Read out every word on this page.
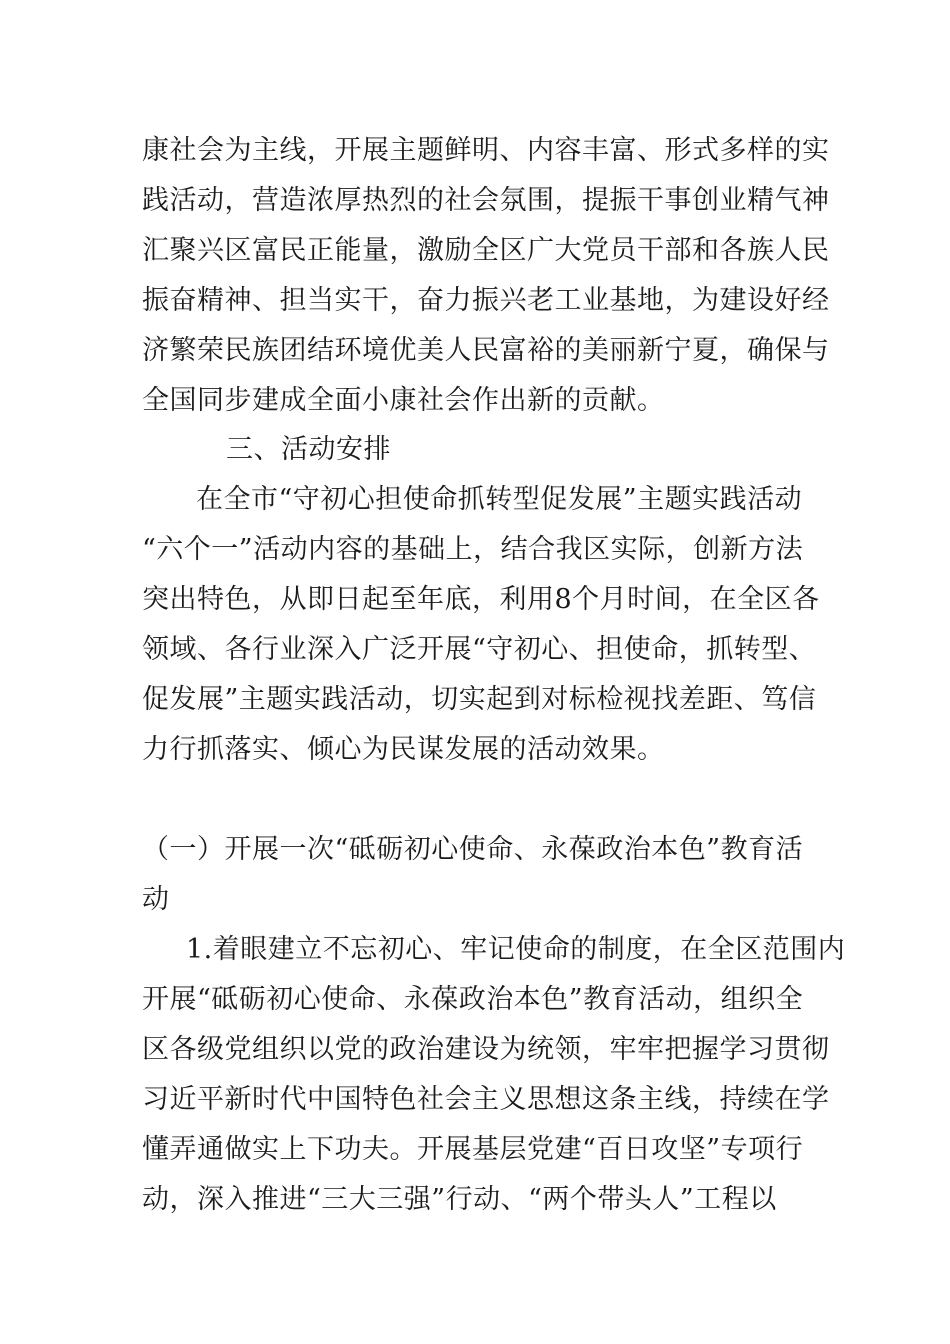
康社会为主线，开展主题鲜明、内容丰富、形式多样的实
践活动，营造浓厚热烈的社会氛围，提振干事创业精气神
汇聚兴区富民正能量，激励全区广大党员干部和各族人民
振奋精神、担当实干，奋力振兴老工业基地，为建设好经
济繁荣民族团结环境优美人民富裕的美丽新宁夏，确保与
全国同步建成全面小康社会作出新的贡献。
三、活动安排
在全市“守初心担使命抓转型促发展”主题实践活动
“六个一”活动内容的基础上，结合我区实际，创新方法
突出特色，从即日起至年底，利用8个月时间，在全区各
领域、各行业深入广泛开展“守初心、担使命，抓转型、
促发展”主题实践活动，切实起到对标检视找差距、笃信
力行抓落实、倾心为民谋发展的活动效果。
（一）开展一次“砥砺初心使命、永葆政治本色”教育活
动
1.着眼建立不忘初心、牢记使命的制度，在全区范围内
开展“砥砺初心使命、永葆政治本色”教育活动，组织全
区各级党组织以党的政治建设为统领，牢牢把握学习贯彻
习近平新时代中国特色社会主义思想这条主线，持续在学
懂弄通做实上下功夫。开展基层党建“百日攻坚”专项行
动，深入推进“三大三强”行动、“两个带头人”工程以
